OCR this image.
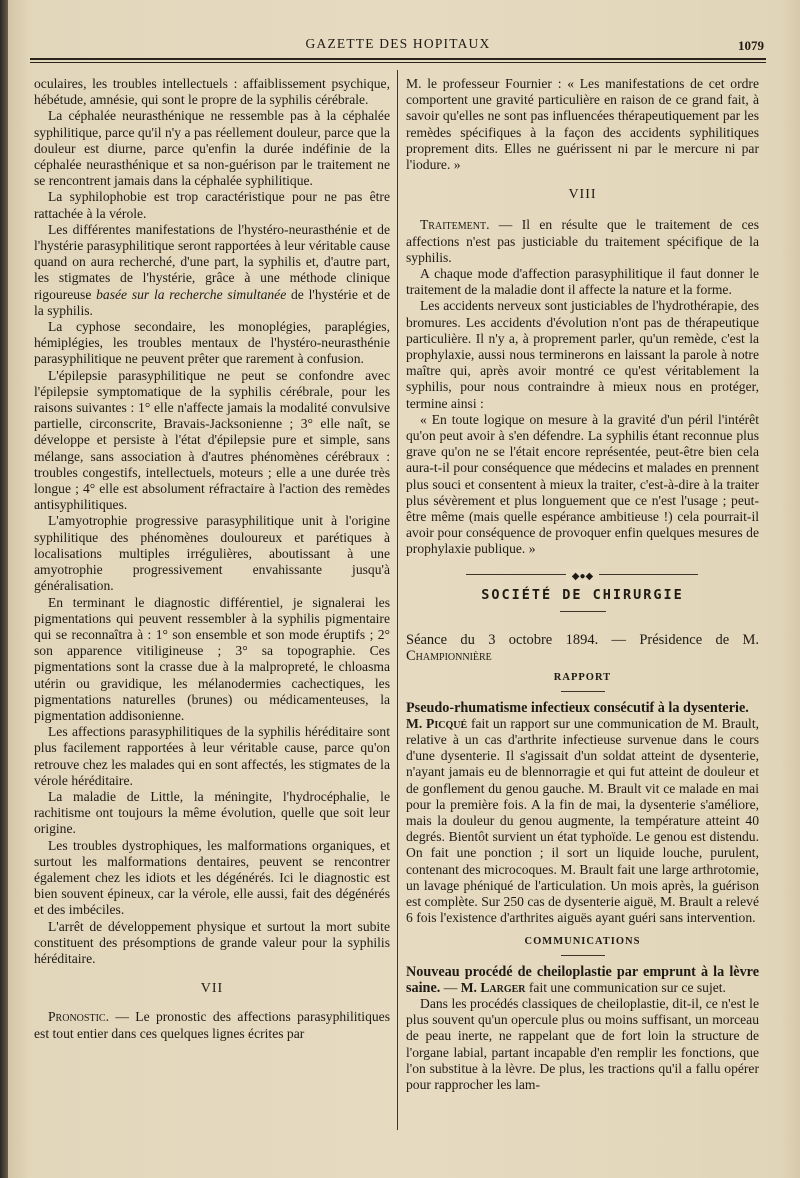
GAZETTE DES HOPITAUX	1079

oculaires, les troubles intellectuels : affaiblissement psychique, hébétude, amnésie, qui sont le propre de la syphilis cérébrale.

La céphalée neurasthénique ne ressemble pas à la céphalée syphilitique, parce qu'il n'y a pas réellement douleur, parce que la douleur est diurne, parce qu'enfin la durée indéfinie de la céphalée neurasthénique et sa non-guérison par le traitement ne se rencontrent jamais dans la céphalée syphilitique.

La syphilophobie est trop caractéristique pour ne pas être rattachée à la vérole.

Les différentes manifestations de l'hystéro-neurasthénie et de l'hystérie parasyphilitique seront rapportées à leur véritable cause quand on aura recherché, d'une part, la syphilis et, d'autre part, les stigmates de l'hystérie, grâce à une méthode clinique rigoureuse basée sur la recherche simultanée de l'hystérie et de la syphilis.

La cyphose secondaire, les monoplégies, paraplégies, hémiplégies, les troubles mentaux de l'hystéro-neurasthénie parasyphilitique ne peuvent prêter que rarement à confusion.

L'épilepsie parasyphilitique ne peut se confondre avec l'épilepsie symptomatique de la syphilis cérébrale, pour les raisons suivantes : 1° elle n'affecte jamais la modalité convulsive partielle, circonscrite, Bravais-Jacksonienne ; 3° elle naît, se développe et persiste à l'état d'épilepsie pure et simple, sans mélange, sans association à d'autres phénomènes cérébraux : troubles congestifs, intellectuels, moteurs ; elle a une durée très longue ; 4° elle est absolument réfractaire à l'action des remèdes antisyphilitiques.

L'amyotrophie progressive parasyphilitique unit à l'origine syphilitique des phénomènes douloureux et parétiques à localisations multiples irrégulières, aboutissant à une amyotrophie progressivement envahissante jusqu'à généralisation.

En terminant le diagnostic différentiel, je signalerai les pigmentations qui peuvent ressembler à la syphilis pigmentaire qui se reconnaîtra à : 1° son ensemble et son mode éruptifs ; 2° son apparence vitiligineuse ; 3° sa topographie. Ces pigmentations sont la crasse due à la malpropreté, le chloasma utérin ou gravidique, les mélanodermies cachectiques, les pigmentations naturelles (brunes) ou médicamenteuses, la pigmentation addisonienne.

Les affections parasyphilitiques de la syphilis héréditaire sont plus facilement rapportées à leur véritable cause, parce qu'on retrouve chez les malades qui en sont affectés, les stigmates de la vérole héréditaire.

La maladie de Little, la méningite, l'hydrocéphalie, le rachitisme ont toujours la même évolution, quelle que soit leur origine.

Les troubles dystrophiques, les malformations organiques, et surtout les malformations dentaires, peuvent se rencontrer également chez les idiots et les dégénérés. Ici le diagnostic est bien souvent épineux, car la vérole, elle aussi, fait des dégénérés et des imbéciles.

L'arrêt de développement physique et surtout la mort subite constituent des présomptions de grande valeur pour la syphilis héréditaire.

VII

Pronostic. — Le pronostic des affections parasyphilitiques est tout entier dans ces quelques lignes écrites par

M. le professeur Fournier : « Les manifestations de cet ordre comportent une gravité particulière en raison de ce grand fait, à savoir qu'elles ne sont pas influencées thérapeutiquement par les remèdes spécifiques à la façon des accidents syphilitiques proprement dits. Elles ne guérissent ni par le mercure ni par l'iodure. »

VIII

Traitement. — Il en résulte que le traitement de ces affections n'est pas justiciable du traitement spécifique de la syphilis.

A chaque mode d'affection parasyphilitique il faut donner le traitement de la maladie dont il affecte la nature et la forme.

Les accidents nerveux sont justiciables de l'hydrothérapie, des bromures. Les accidents d'évolution n'ont pas de thérapeutique particulière. Il n'y a, à proprement parler, qu'un remède, c'est la prophylaxie, aussi nous terminerons en laissant la parole à notre maître qui, après avoir montré ce qu'est véritablement la syphilis, pour nous contraindre à mieux nous en protéger, termine ainsi :

« En toute logique on mesure à la gravité d'un péril l'intérêt qu'on peut avoir à s'en défendre. La syphilis étant reconnue plus grave qu'on ne se l'était encore représentée, peut-être bien cela aura-t-il pour conséquence que médecins et malades en prennent plus souci et consentent à mieux la traiter, c'est-à-dire à la traiter plus sévèrement et plus longuement que ce n'est l'usage ; peut-être même (mais quelle espérance ambitieuse !) cela pourrait-il avoir pour conséquence de provoquer enfin quelques mesures de prophylaxie publique. »

◆●◆
SOCIÉTÉ DE CHIRURGIE
Séance du 3 octobre 1894. — Présidence de M. Championnière
RAPPORT
Pseudo-rhumatisme infectieux consécutif à la dysenterie.

M. Picqué fait un rapport sur une communication de M. Brault, relative à un cas d'arthrite infectieuse survenue dans le cours d'une dysenterie. Il s'agissait d'un soldat atteint de dysenterie, n'ayant jamais eu de blennorragie et qui fut atteint de douleur et de gonflement du genou gauche. M. Brault vit ce malade en mai pour la première fois. A la fin de mai, la dysenterie s'améliore, mais la douleur du genou augmente, la température atteint 40 degrés. Bientôt survient un état typhoïde. Le genou est distendu. On fait une ponction ; il sort un liquide louche, purulent, contenant des microcoques. M. Brault fait une large arthrotomie, un lavage phéniqué de l'articulation. Un mois après, la guérison est complète. Sur 250 cas de dysenterie aiguë, M. Brault a relevé 6 fois l'existence d'arthrites aiguës ayant guéri sans intervention.

COMMUNICATIONS

Nouveau procédé de cheiloplastie par emprunt à la lèvre saine. — M. Larger fait une communication sur ce sujet.

Dans les procédés classiques de cheiloplastie, dit-il, ce n'est le plus souvent qu'un opercule plus ou moins suffisant, un morceau de peau inerte, ne rappelant que de fort loin la structure de l'organe labial, partant incapable d'en remplir les fonctions, que l'on substitue à la lèvre. De plus, les tractions qu'il a fallu opérer pour rapprocher les lam-
